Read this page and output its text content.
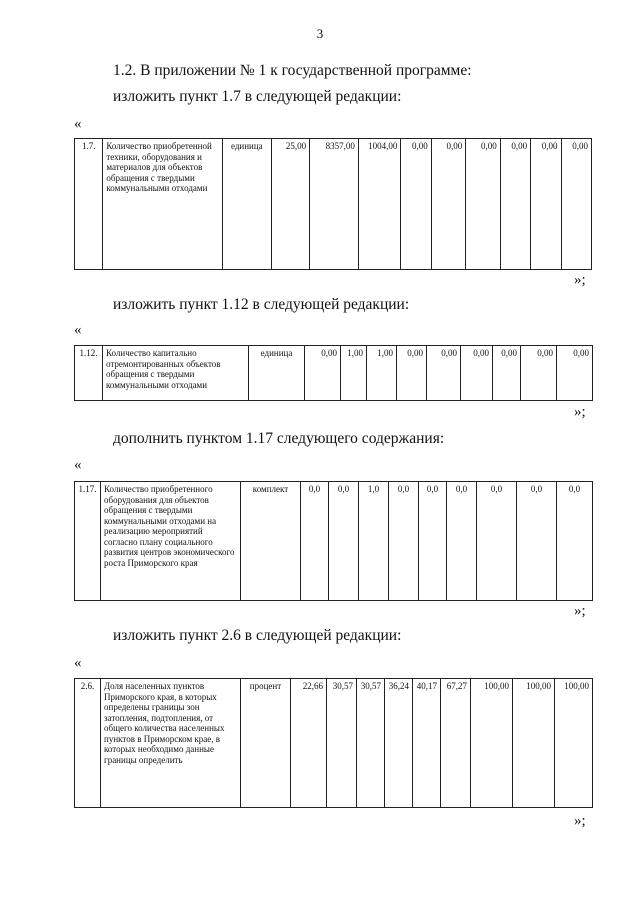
3
1.2. В приложении № 1 к государственной программе:
изложить пункт 1.7 в следующей редакции:
«
1.7.	Количество приобретенной техники, оборудования и материалов для объектов обращения с твердыми коммунальными отходами	единица	25,00	8357,00	1004,00	0,00	0,00	0,00	0,00	0,00	0,00
»;
изложить пункт 1.12 в следующей редакции:
«
1.12.	Количество капитально отремонтированных объектов обращения с твердыми коммунальными отходами	единица	0,00	1,00	1,00	0,00	0,00	0,00	0,00	0,00	0,00
»;
дополнить пунктом 1.17 следующего содержания:
«
1.17.	Количество приобретенного оборудования для объектов обращения с твердыми коммунальными отходами на реализацию мероприятий согласно плану социального развития центров экономического роста Приморского края	комплект	0,0	0,0	1,0	0,0	0,0	0,0	0,0	0,0	0,0
»;
изложить пункт 2.6 в следующей редакции:
«
2.6.	Доля населенных пунктов Приморского края, в которых определены границы зон затопления, подтопления, от общего количества населенных пунктов в Приморском крае, в которых необходимо данные границы определить	процент	22,66	30,57	30,57	36,24	40,17	67,27	100,00	100,00	100,00
»;
